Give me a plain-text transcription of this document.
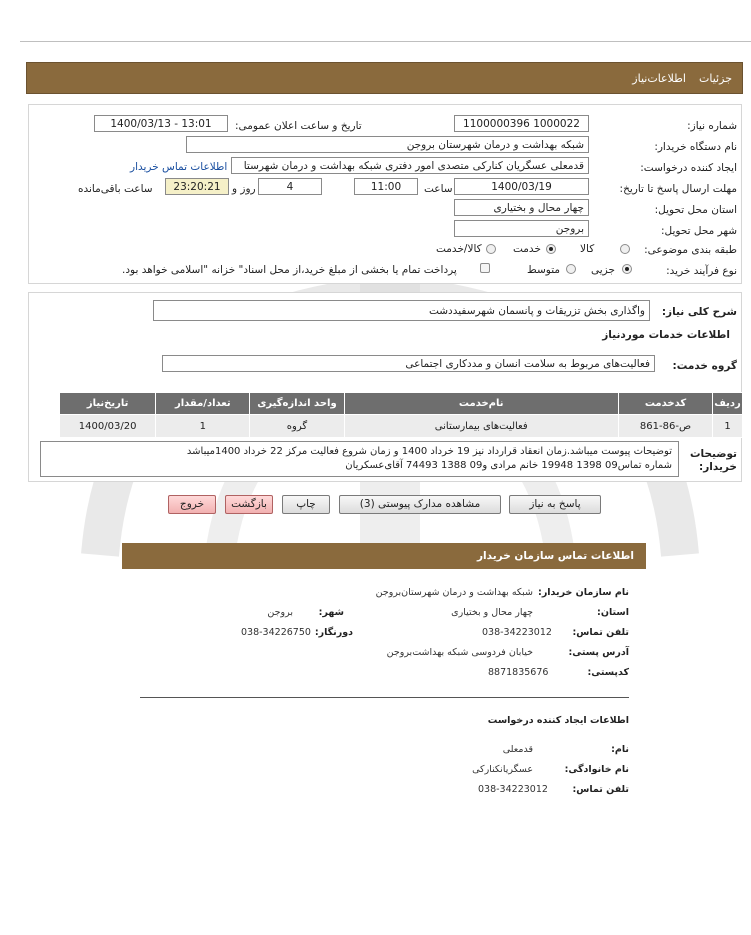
جزئیات
اطلاعات‌نیاز
شماره نیاز:
1100000396 1000022
تاریخ و ساعت اعلان عمومی:
1400/03/13 - 13:01
نام دستگاه خریدار:
شبکه بهداشت و درمان شهرستان بروجن
ایجاد کننده درخواست:
قدمعلی عسگریان کنارکی متصدی امور دفتری شبکه بهداشت و درمان شهرستا
اطلاعات تماس خریدار
مهلت ارسال پاسخ تا تاریخ:
1400/03/19
ساعت
11:00
4
روز و
23:20:21
ساعت باقی‌مانده
استان محل تحویل:
چهار محال و بختیاری
شهر محل تحویل:
بروجن
طبقه بندی موضوعی:
کالا
خدمت
کالا/خدمت
نوع فرآیند خرید:
جزیی
متوسط
پرداخت تمام یا بخشی از مبلغ خرید،از محل اسناد" خزانه "اسلامی خواهد بود.
شرح کلی نیاز:
واگذاری بخش تزریقات و پانسمان شهرسفیددشت
اطلاعات خدمات موردنیاز
گروه خدمت:
فعالیت‌های مربوط به سلامت انسان و مددکاری اجتماعی
ردیف	کدخدمت	نام‌خدمت	واحد اندازه‌گیری	تعداد/مقدار	تاریخ‌نیاز
1	ص-86-861	فعالیت‌های بیمارستانی	گروه	1	1400/03/20
توضیحات خریدار:
توضیحات پیوست میباشد.زمان انعقاد قرارداد نیز 19 خرداد 1400 و زمان شروع فعالیت مرکز 22 خرداد 1400میباشد
شماره تماس09 1398 19948 خانم مرادی و09 1388 74493 آقای‌عسکریان
پاسخ به نیاز
مشاهده مدارک پیوستی (3)
چاپ
بازگشت
خروج
اطلاعات تماس سازمان خریدار
نام سازمان خریدار:
شبکه بهداشت و درمان شهرستان‌بروجن
استان:
چهار محال و بختیاری
شهر:
بروجن
تلفن تماس:
038-34223012
دورنگار:
038-34226750
آدرس پستی:
خیابان فردوسی شبکه بهداشت‌بروجن
کدپستی:
8871835676
اطلاعات ایجاد کننده درخواست
نام:
قدمعلی
نام خانوادگی:
عسگریانکنارکی
تلفن تماس:
038-34223012
